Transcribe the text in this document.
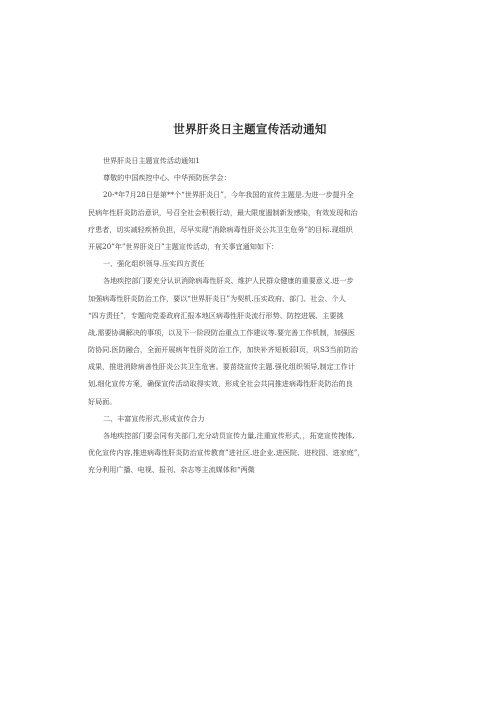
世界肝炎日主题宣传活动通知
世界肝炎日主题宣传活动通知1
尊敬的中国疾控中心、中华预防医学会：
20-*年7月28日是第**个“世界肝炎日”，今年我国的宣传主题是.为进一步提升全
民病年性肝炎防治意识，号召全社会积极行动，最大限度遏制新发感染，有效发现和治
疗患者，切实减轻疾桥负担，尽早实现“消除病毒性肝炎公共卫生危务”的目标.现组织
开展20”年”世界肝炎日”主题宣传活动，有关事宜通知如下：
一、强化组织领导.压实四方责任
各地疾控部门要充分认识消除病毒性肝炎、维护人民群众健康的重要意义.进一步
加强病毒性肝炎防治工作，要以“世界肝炎日”为契机.压实政府、部门、社会、个人
“四方责任”，专题向党委政府汇报本地区病毒性肝炎流行形势、防控进展、主要挑
战,需要协调解决的事项，以及下一阶段防治重点工作建议等.要完善工作机制，加强医
防协同.医防融合，全面开展病年性肝炎防治工作，加快补齐短板弱I页，巩S3当前防治
成果，推进消除病善性肝炎公共卫生危害。要苗绕宣传主题.强化组织领导,制定工作计
划,细化宣传方案，确保宣传活动取得实效，形成全社会共同推进病毒性肝炎防治的良
好局面。
二、丰富宣传形式,形成宣传合力
各地疾控部门要会同有关部门,充分动员宣传力量,注重宣传形式，，拓宽宣传拽体,
优化宣传内容,推进病毒性肝炎防治宣传教育”进社区.进企业.进医院、进校园、进家庭”，
充分利用广播、电视、报刊、杂志等主流媒体和“两微
